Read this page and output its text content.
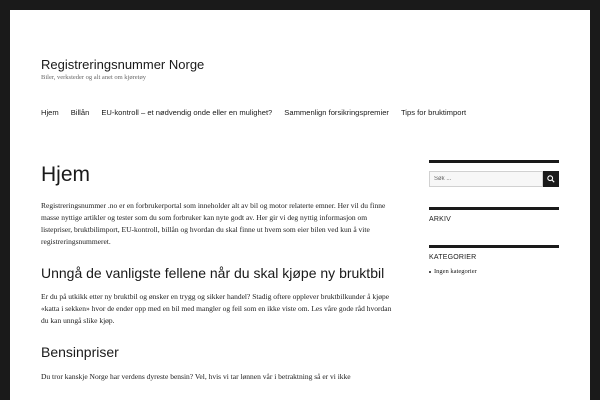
Registreringsnummer Norge
Biler, verksteder og alt anet om kjøretøy
Hjem Billån EU-kontroll – et nødvendig onde eller en mulighet? Sammenlign forsikringspremier Tips for bruktimport
Hjem

Registreringsnummer .no er en forbrukerportal som inneholder alt av bil og motor relaterte emner. Her vil du finne masse nyttige artikler og tester som du som forbruker kan nyte godt av. Her gir vi deg nyttig informasjon om listepriser, bruktbilimport, EU-kontroll, billån og hvordan du skal finne ut hvem som eier bilen ved kun å vite registreringsnummeret.

Unngå de vanligste fellene når du skal kjøpe ny bruktbil

Er du på utkikk etter ny bruktbil og ønsker en trygg og sikker handel? Stadig oftere opplever bruktbilkunder å kjøpe «katta i sekken» hvor de ender opp med en bil med mangler og feil som en ikke viste om. Les våre gode råd hvordan du kan unngå slike kjøp.

Bensinpriser

Du tror kanskje Norge har verdens dyreste bensin? Vel, hvis vi tar lønnen vår i betraktning så er vi ikke

Søk ...
ARKIV
KATEGORIER
Ingen kategorier
